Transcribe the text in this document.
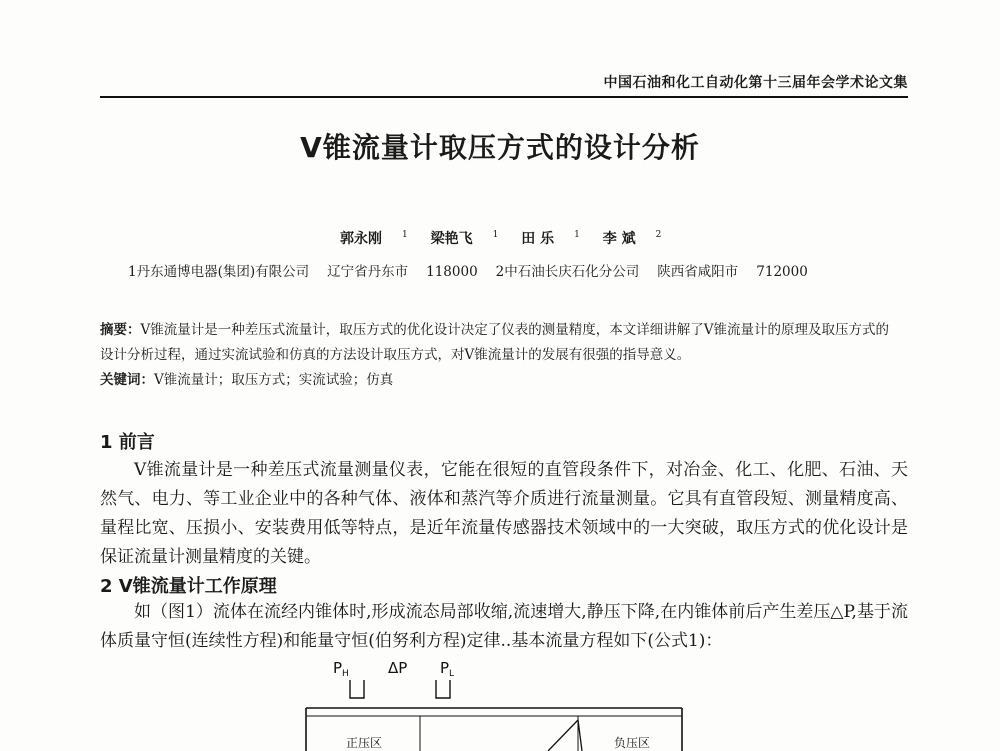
中国石油和化工自动化第十三届年会学术论文集
V锥流量计取压方式的设计分析
郭永刚 $^1$ 梁艳飞 $^1$ 田 乐 $^1$ 李 斌 $^2$
1丹东通博电器(集团)有限公司 辽宁省丹东市 118000 2中石油长庆石化分公司 陕西省咸阳市 712000
摘要：V锥流量计是一种差压式流量计，取压方式的优化设计决定了仪表的测量精度，本文详细讲解了V锥流量计的原理及取压方式的设计分析过程，通过实流试验和仿真的方法设计取压方式，对V锥流量计的发展有很强的指导意义。
关键词：V锥流量计；取压方式；实流试验；仿真
1 前言
V锥流量计是一种差压式流量测量仪表，它能在很短的直管段条件下，对冶金、化工、化肥、石油、天然气、电力、等工业企业中的各种气体、液体和蒸汽等介质进行流量测量。它具有直管段短、测量精度高、量程比宽、压损小、安装费用低等特点，是近年流量传感器技术领域中的一大突破，取压方式的优化设计是保证流量计测量精度的关键。
2 V锥流量计工作原理
如（图1）流体在流经内锥体时,形成流态局部收缩,流速增大,静压下降,在内锥体前后产生差压△P,基于流体质量守恒(连续性方程)和能量守恒(伯努利方程)定律..基本流量方程如下(公式1)：
$P_H$	ΔP $P_L$
正压区	负压区
